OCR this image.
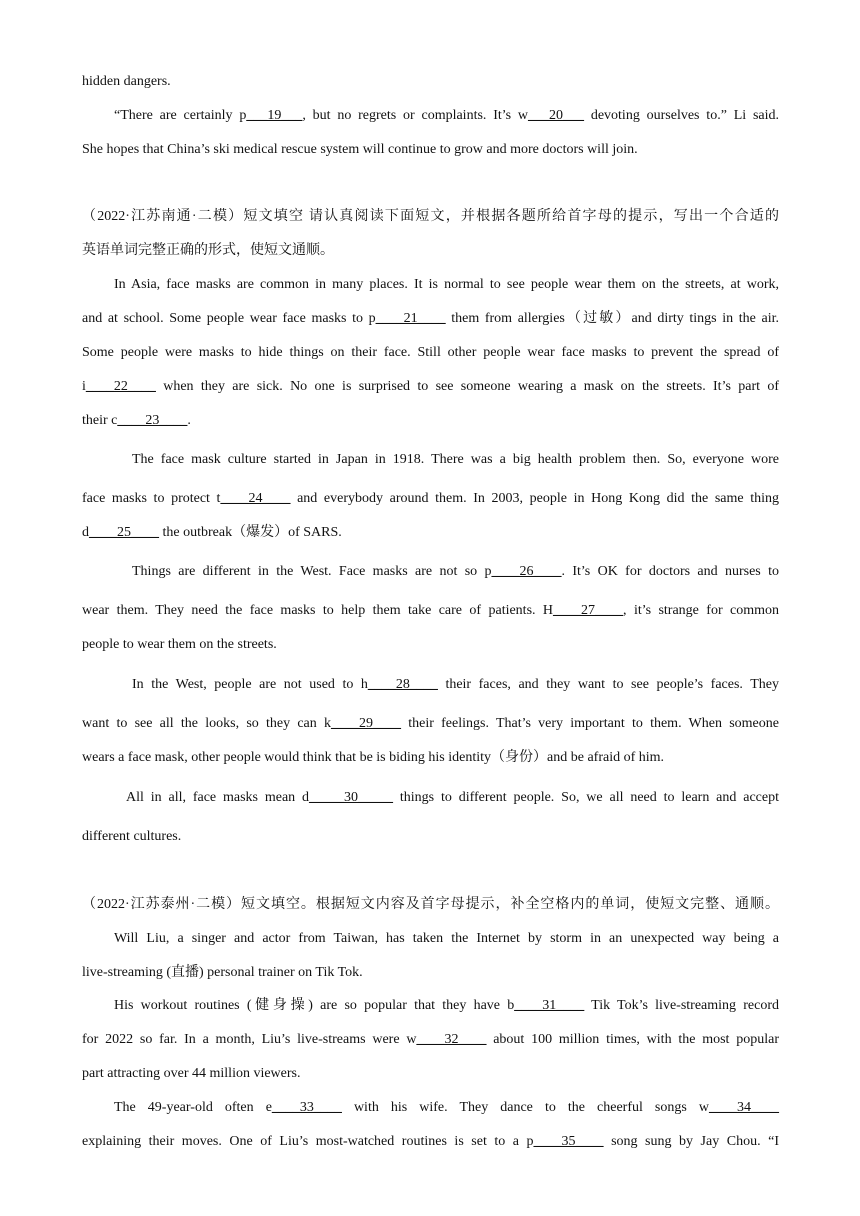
hidden dangers.

“There are certainly p___19___, but no regrets or complaints. It’s w___20___ devoting ourselves to.” Li said.

She hopes that China’s ski medical rescue system will continue to grow and more doctors will join.

（2022·江苏南通·二模）短文填空 请认真阅读下面短文，并根据各题所给首字母的提示，写出一个合适的

英语单词完整正确的形式，使短文通顺。

In Asia, face masks are common in many places. It is normal to see people wear them on the streets, at work,

and at school. Some people wear face masks to p____21____ them from allergies（过敏）and dirty tings in the air.

Some people were masks to hide things on their face. Still other people wear face masks to prevent the spread of

i____22____ when they are sick. No one is surprised to see someone wearing a mask on the streets. It’s part of

their c____23____.

The face mask culture started in Japan in 1918. There was a big health problem then. So, everyone wore

face masks to protect t____24____ and everybody around them. In 2003, people in Hong Kong did the same thing

d____25____ the outbreak（爆发）of SARS.

Things are different in the West. Face masks are not so p____26____. It’s OK for doctors and nurses to

wear them. They need the face masks to help them take care of patients. H____27____, it’s strange for common

people to wear them on the streets.

In the West, people are not used to h____28____ their faces, and they want to see people’s faces. They

want to see all the looks, so they can k____29____ their feelings. That’s very important to them. When someone

wears a face mask, other people would think that be is biding his identity（身份）and be afraid of him.

All in all, face masks mean d_____30_____ things to different people. So, we all need to learn and accept

different cultures.

（2022·江苏泰州·二模）短文填空。根据短文内容及首字母提示，补全空格内的单词，使短文完整、通顺。

Will Liu, a singer and actor from Taiwan, has taken the Internet by storm in an unexpected way being a

live-streaming (直播) personal trainer on Tik Tok.

His workout routines (健身操) are so popular that they have b____31____ Tik Tok’s live-streaming record

for 2022 so far. In a month, Liu’s live-streams were w____32____ about 100 million times, with the most popular

part attracting over 44 million viewers.

The 49-year-old often e____33____ with his wife. They dance to the cheerful songs w____34____

explaining their moves. One of Liu’s most-watched routines is set to a p____35____ song sung by Jay Chou. “I
